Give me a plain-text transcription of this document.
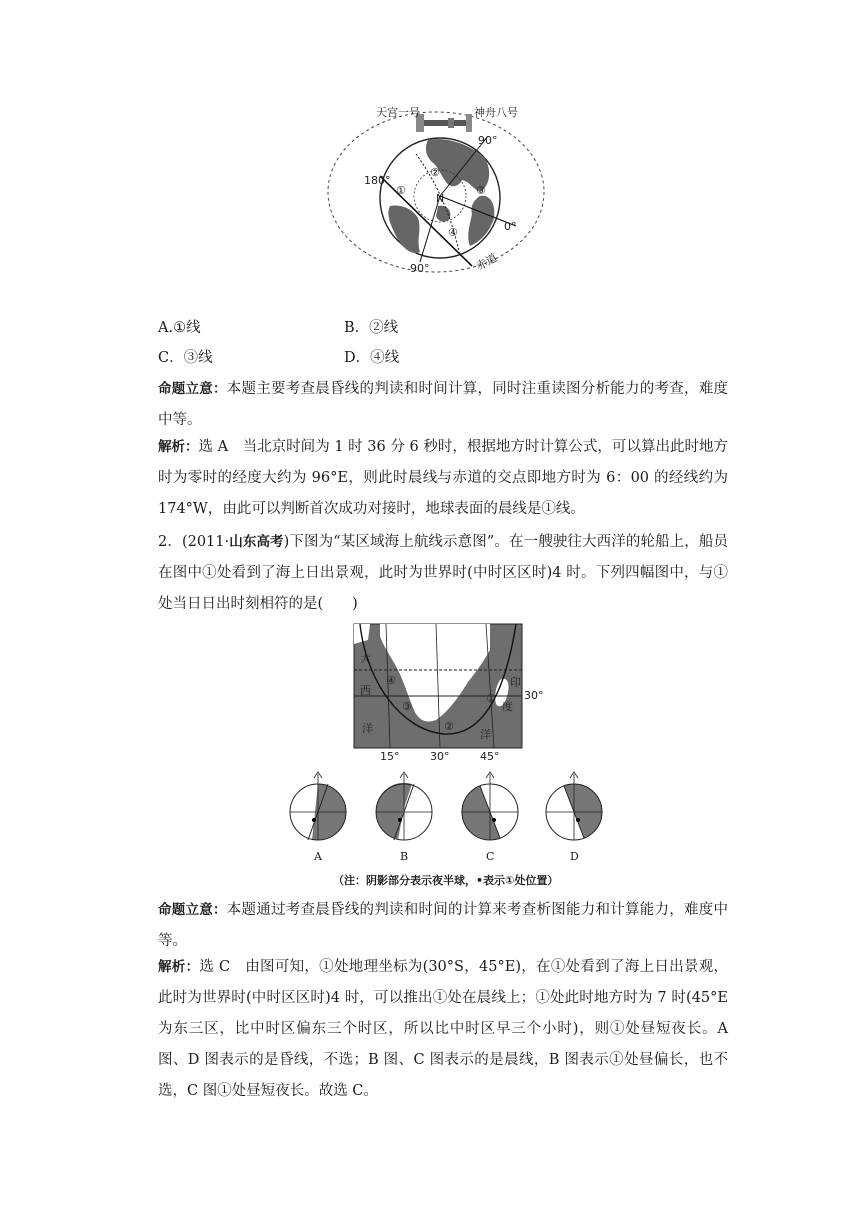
天宫一号	神舟八号
90°
180°
0°
90°	赤道
N
①
②
③
④
A.①线	B．②线
C．③线	D．④线
命题立意：本题主要考查晨昏线的判读和时间计算，同时注重读图分析能力的考查，难度中等。
解析：选 A　当北京时间为 1 时 36 分 6 秒时，根据地方时计算公式，可以算出此时地方时为零时的经度大约为 96°E，则此时晨线与赤道的交点即地方时为 6：00 的经线约为 174°W，由此可以判断首次成功对接时，地球表面的晨线是①线。
2．(2011·山东高考)下图为“某区域海上航线示意图”。在一艘驶往大西洋的轮船上，船员在图中①处看到了海上日出景观，此时为世界时(中时区区时)4 时。下列四幅图中，与①处当日日出时刻相符的是(　　)
大
西
洋
印
度
洋
①
②
③
④
30°
15°	30°	45°
A	B	C	D
（注：阴影部分表示夜半球，•表示①处位置）
命题立意：本题通过考查晨昏线的判读和时间的计算来考查析图能力和计算能力，难度中等。
解析：选 C　由图可知，①处地理坐标为(30°S，45°E)，在①处看到了海上日出景观，此时为世界时(中时区区时)4 时，可以推出①处在晨线上；①处此时地方时为 7 时(45°E 为东三区，比中时区偏东三个时区，所以比中时区早三个小时)，则①处昼短夜长。A 图、D 图表示的是昏线，不选；B 图、C 图表示的是晨线，B 图表示①处昼偏长，也不选，C 图①处昼短夜长。故选 C。
